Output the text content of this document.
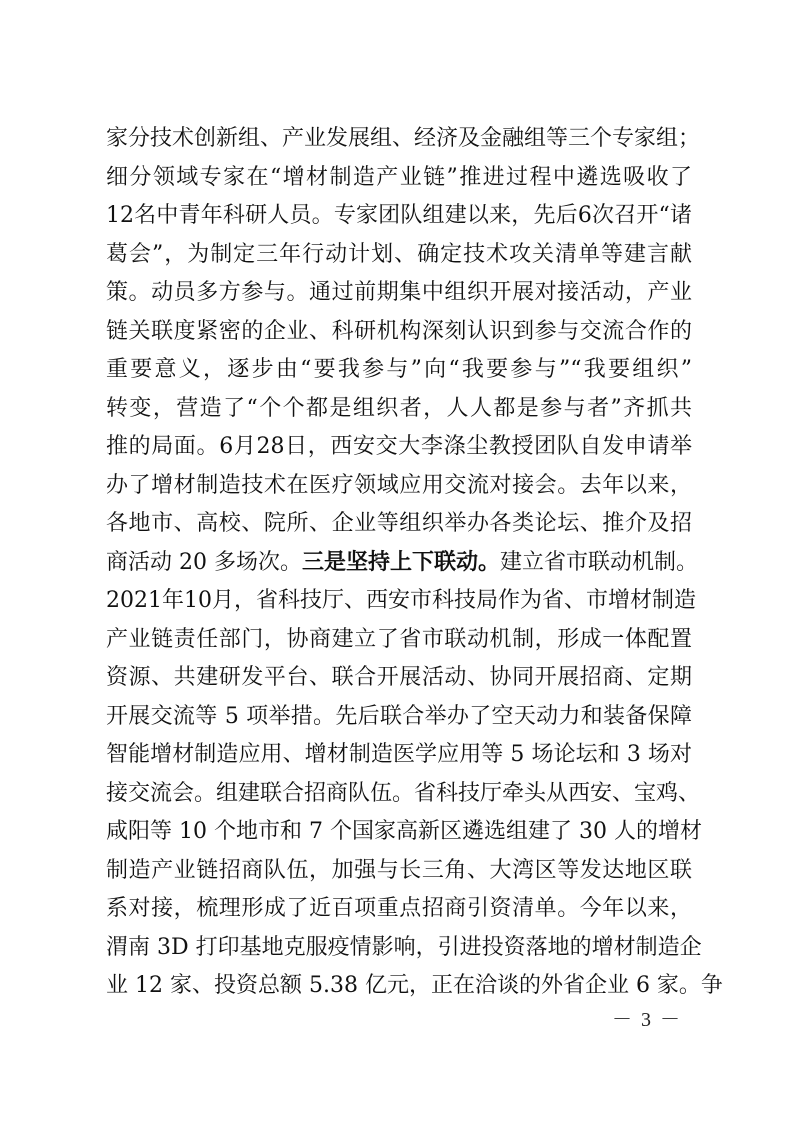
家分技术创新组、产业发展组、经济及金融组等三个专家组；
细分领域专家在“增材制造产业链”推进过程中遴选吸收了
12名中青年科研人员。专家团队组建以来，先后6次召开“诸
葛会”，为制定三年行动计划、确定技术攻关清单等建言献
策。动员多方参与。通过前期集中组织开展对接活动，产业
链关联度紧密的企业、科研机构深刻认识到参与交流合作的
重要意义，逐步由“要我参与”向“我要参与”“我要组织”
转变，营造了“个个都是组织者，人人都是参与者”齐抓共
推的局面。6月28日，西安交大李涤尘教授团队自发申请举
办了增材制造技术在医疗领域应用交流对接会。去年以来，
各地市、高校、院所、企业等组织举办各类论坛、推介及招
商活动 20 多场次。三是坚持上下联动。建立省市联动机制。
2021年10月，省科技厅、西安市科技局作为省、市增材制造
产业链责任部门，协商建立了省市联动机制，形成一体配置
资源、共建研发平台、联合开展活动、协同开展招商、定期
开展交流等 5 项举措。先后联合举办了空天动力和装备保障
智能增材制造应用、增材制造医学应用等 5 场论坛和 3 场对
接交流会。组建联合招商队伍。省科技厅牵头从西安、宝鸡、
咸阳等 10 个地市和 7 个国家高新区遴选组建了 30 人的增材
制造产业链招商队伍，加强与长三角、大湾区等发达地区联
系对接，梳理形成了近百项重点招商引资清单。今年以来，
渭南 3D 打印基地克服疫情影响，引进投资落地的增材制造企
业 12 家、投资总额 5.38 亿元，正在洽谈的外省企业 6 家。争
－ 3 －
